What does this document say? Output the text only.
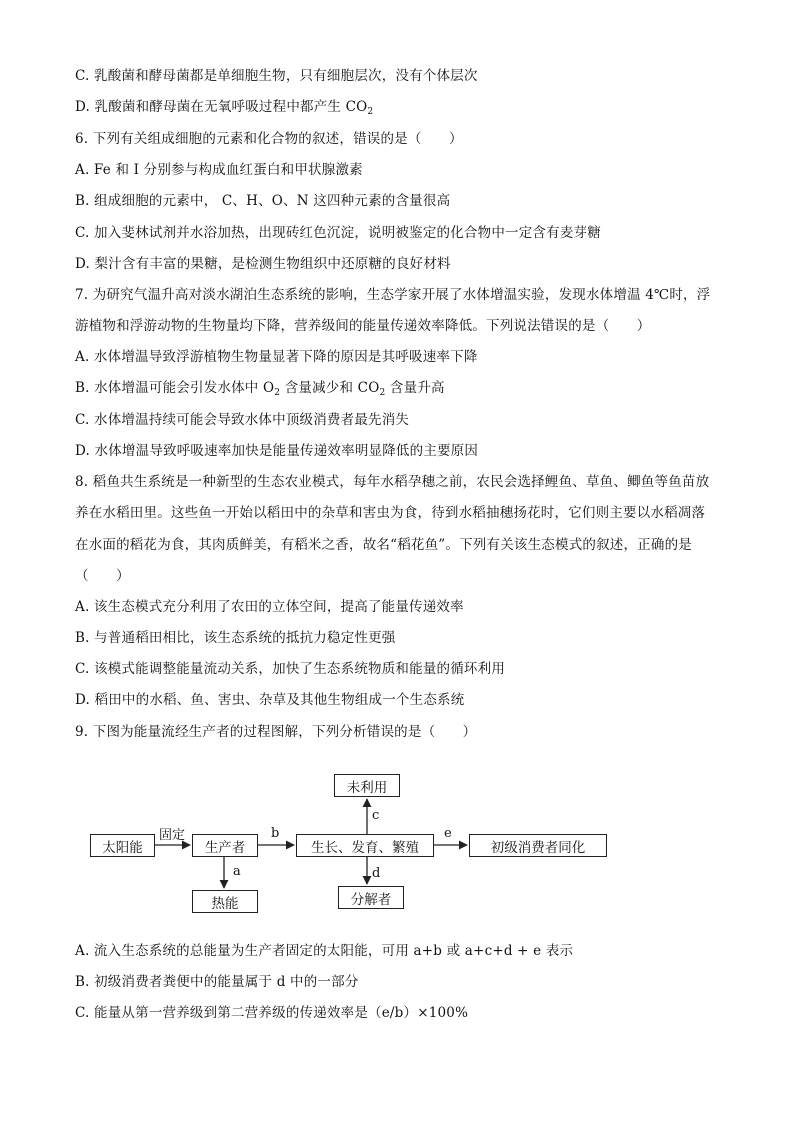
C. 乳酸菌和酵母菌都是单细胞生物，只有细胞层次，没有个体层次
D. 乳酸菌和酵母菌在无氧呼吸过程中都产生 $CO_2$
6. 下列有关组成细胞的元素和化合物的叙述，错误的是（　　）
A. Fe 和 I 分别参与构成血红蛋白和甲状腺激素
B. 组成细胞的元素中， C、H、O、N 这四种元素的含量很高
C. 加入斐林试剂并水浴加热，出现砖红色沉淀，说明被鉴定的化合物中一定含有麦芽糖
D. 梨汁含有丰富的果糖，是检测生物组织中还原糖的良好材料
7. 为研究气温升高对淡水湖泊生态系统的影响，生态学家开展了水体增温实验，发现水体增温 4℃时，浮
游植物和浮游动物的生物量均下降，营养级间的能量传递效率降低。下列说法错误的是（　　）
A. 水体增温导致浮游植物生物量显著下降的原因是其呼吸速率下降
B. 水体增温可能会引发水体中 $O_2$ 含量减少和 $CO_2$ 含量升高
C. 水体增温持续可能会导致水体中顶级消费者最先消失
D. 水体增温导致呼吸速率加快是能量传递效率明显降低的主要原因
8. 稻鱼共生系统是一种新型的生态农业模式，每年水稻孕穗之前，农民会选择鲤鱼、草鱼、鲫鱼等鱼苗放
养在水稻田里。这些鱼一开始以稻田中的杂草和害虫为食，待到水稻抽穗扬花时，它们则主要以水稻凋落
在水面的稻花为食，其肉质鲜美，有稻米之香，故名“稻花鱼”。下列有关该生态模式的叙述，正确的是
（　　）
A. 该生态模式充分利用了农田的立体空间，提高了能量传递效率
B. 与普通稻田相比，该生态系统的抵抗力稳定性更强
C. 该模式能调整能量流动关系，加快了生态系统物质和能量的循环利用
D. 稻田中的水稻、鱼、害虫、杂草及其他生物组成一个生态系统
9. 下图为能量流经生产者的过程图解，下列分析错误的是（　　）
太阳能	生产者	生长、发育、繁殖	初级消费者同化
未利用
热能	分解者
固定	b	e
c
a	d
A. 流入生态系统的总能量为生产者固定的太阳能，可用 a+b 或 a+c+d + e 表示
B. 初级消费者粪便中的能量属于 d 中的一部分
C. 能量从第一营养级到第二营养级的传递效率是（e/b）×100%
